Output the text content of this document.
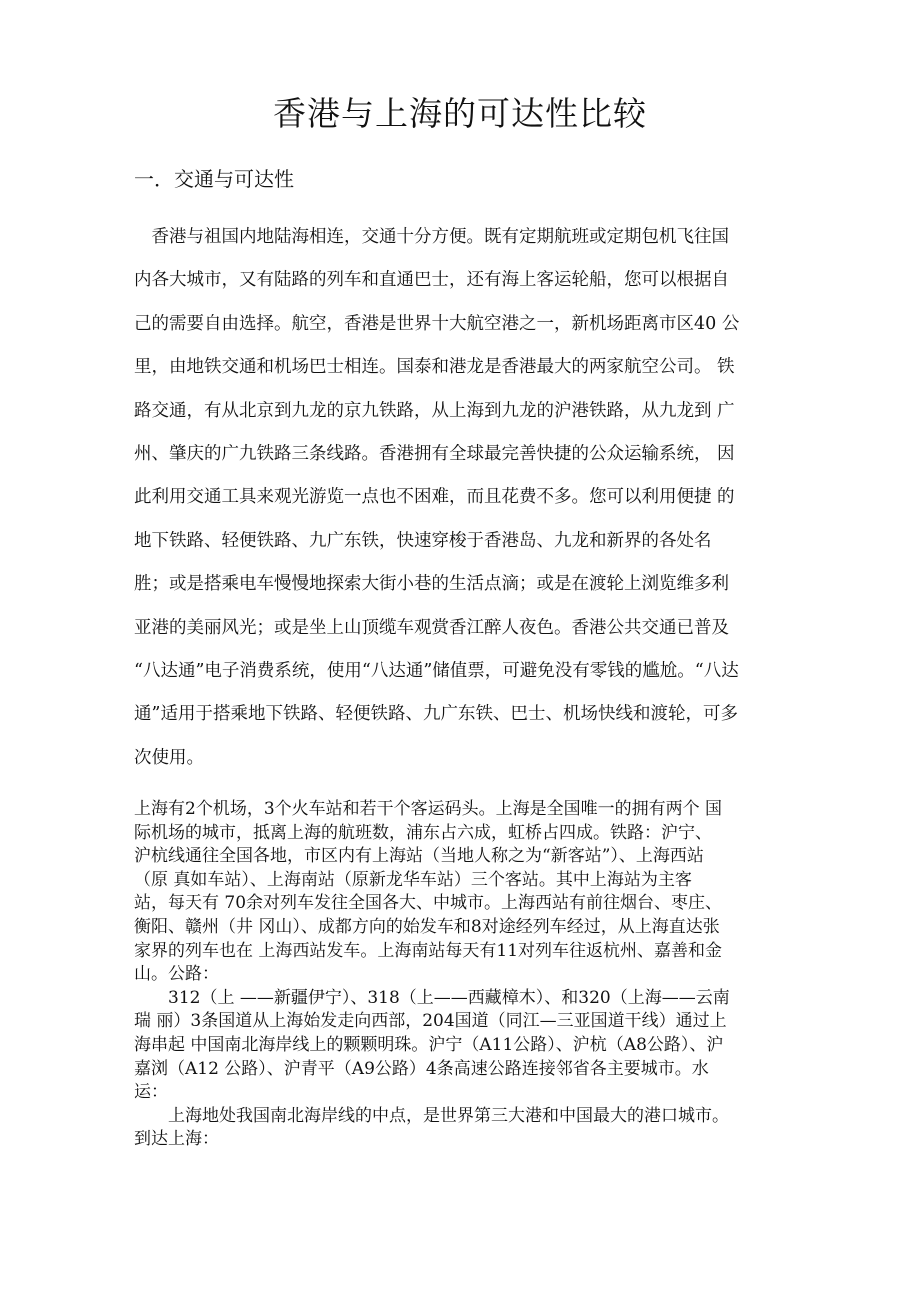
香港与上海的可达性比较
一．交通与可达性
　香港与祖国内地陆海相连，交通十分方便。既有定期航班或定期包机飞往国
内各大城市，又有陆路的列车和直通巴士，还有海上客运轮船，您可以根据自
己的需要自由选择。航空，香港是世界十大航空港之一，新机场距离市区40 公
里，由地铁交通和机场巴士相连。国泰和港龙是香港最大的两家航空公司。 铁
路交通，有从北京到九龙的京九铁路，从上海到九龙的沪港铁路，从九龙到 广
州、肇庆的广九铁路三条线路。香港拥有全球最完善快捷的公众运输系统， 因
此利用交通工具来观光游览一点也不困难，而且花费不多。您可以利用便捷 的
地下铁路、轻便铁路、九广东铁，快速穿梭于香港岛、九龙和新界的各处名
胜；或是搭乘电车慢慢地探索大街小巷的生活点滴；或是在渡轮上浏览维多利
亚港的美丽风光；或是坐上山顶缆车观赏香江醉人夜色。香港公共交通已普及
“八达通”电子消费系统，使用“八达通”储值票，可避免没有零钱的尴尬。“八达
通”适用于搭乘地下铁路、轻便铁路、九广东铁、巴士、机场快线和渡轮，可多
次使用。
上海有2个机场，3个火车站和若干个客运码头。上海是全国唯一的拥有两个 国
际机场的城市，抵离上海的航班数，浦东占六成，虹桥占四成。铁路：沪宁、
沪杭线通往全国各地，市区内有上海站（当地人称之为“新客站”）、上海西站
（原 真如车站）、上海南站（原新龙华车站）三个客站。其中上海站为主客
站，每天有 70余对列车发往全国各大、中城市。上海西站有前往烟台、枣庄、
衡阳、赣州（井 冈山）、成都方向的始发车和8对途经列车经过，从上海直达张
家界的列车也在 上海西站发车。上海南站每天有11对列车往返杭州、嘉善和金
山。公路：
　　312（上 ——新疆伊宁）、318（上——西藏樟木）、和320（上海——云南
瑞 丽）3条国道从上海始发走向西部，204国道（同江—三亚国道干线）通过上
海串起 中国南北海岸线上的颗颗明珠。沪宁（A11公路）、沪杭（A8公路）、沪
嘉浏（A12 公路）、沪青平（A9公路）4条高速公路连接邻省各主要城市。水
运：
　　上海地处我国南北海岸线的中点，是世界第三大港和中国最大的港口城市。
到达上海：
